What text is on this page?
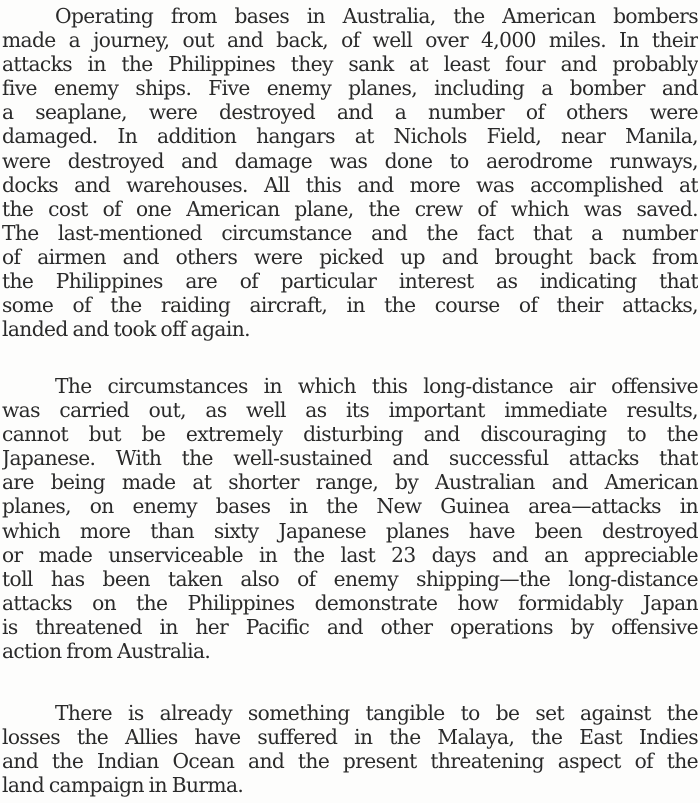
Operating from bases in Australia, the American bombers
made a journey, out and back, of well over 4,000 miles. In their
attacks in the Philippines they sank at least four and probably
five enemy ships. Five enemy planes, including a bomber and
a seaplane, were destroyed and a number of others were
damaged. In addition hangars at Nichols Field, near Manila,
were destroyed and damage was done to aerodrome runways,
docks and warehouses. All this and more was accomplished at
the cost of one American plane, the crew of which was saved.
The last-mentioned circumstance and the fact that a number
of airmen and others were picked up and brought back from
the Philippines are of particular interest as indicating that
some of the raiding aircraft, in the course of their attacks,
landed and took off again.
The circumstances in which this long-distance air offensive
was carried out, as well as its important immediate results,
cannot but be extremely disturbing and discouraging to the
Japanese. With the well-sustained and successful attacks that
are being made at shorter range, by Australian and American
planes, on enemy bases in the New Guinea area—attacks in
which more than sixty Japanese planes have been destroyed
or made unserviceable in the last 23 days and an appreciable
toll has been taken also of enemy shipping—the long-distance
attacks on the Philippines demonstrate how formidably Japan
is threatened in her Pacific and other operations by offensive
action from Australia.
There is already something tangible to be set against the
losses the Allies have suffered in the Malaya, the East Indies
and the Indian Ocean and the present threatening aspect of the
land campaign in Burma.
